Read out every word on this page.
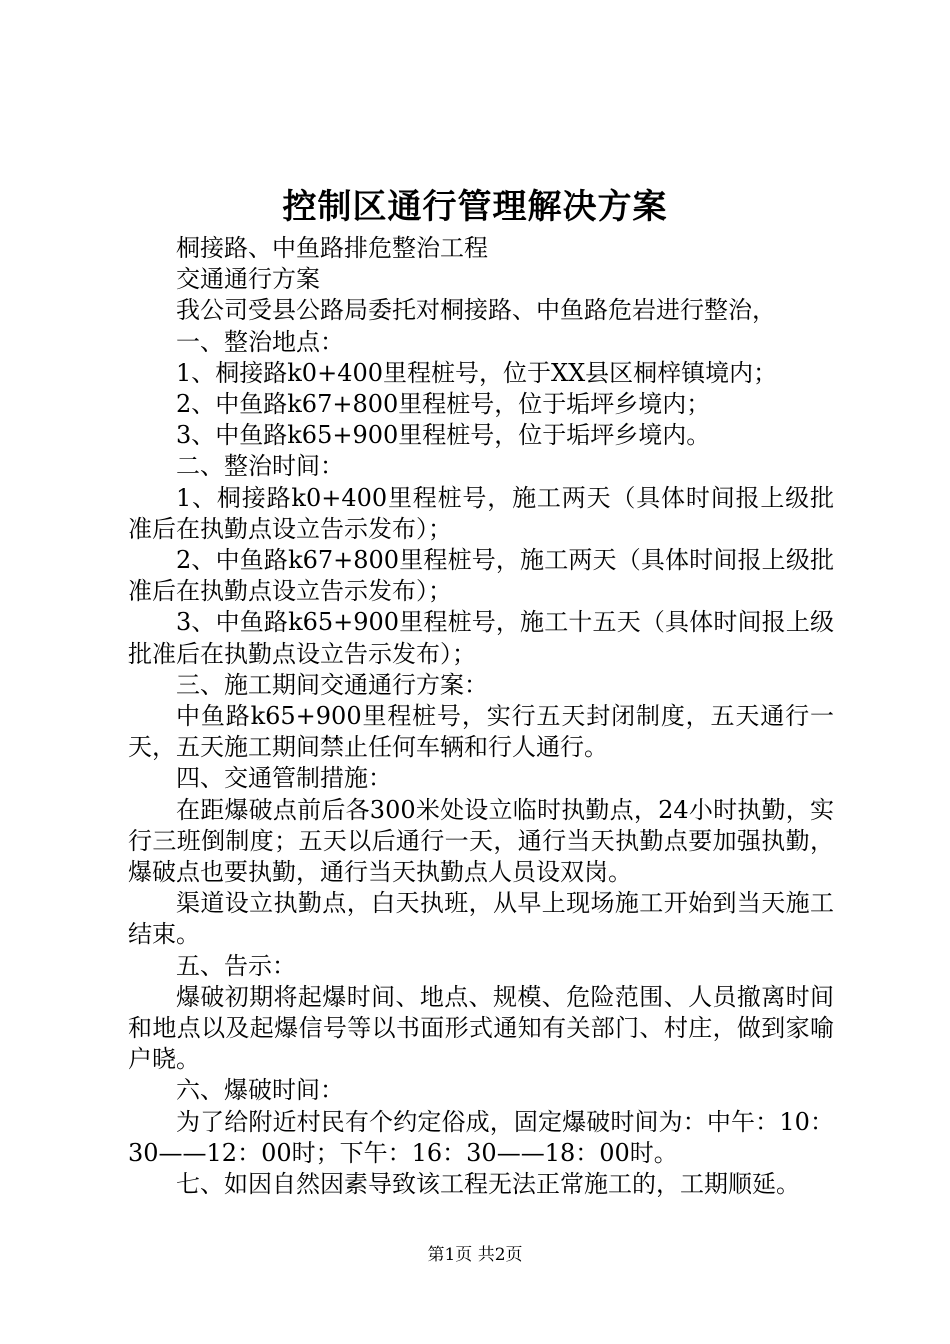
控制区通行管理解决方案

桐接路、中鱼路排危整治工程

交通通行方案

我公司受县公路局委托对桐接路、中鱼路危岩进行整治，

一、整治地点：

1、桐接路k0+400里程桩号，位于XX县区桐梓镇境内；

2、中鱼路k67+800里程桩号，位于垢坪乡境内；

3、中鱼路k65+900里程桩号，位于垢坪乡境内。

二、整治时间：

1、桐接路k0+400里程桩号，施工两天（具体时间报上级批准后在执勤点设立告示发布）；

2、中鱼路k67+800里程桩号，施工两天（具体时间报上级批准后在执勤点设立告示发布）；

3、中鱼路k65+900里程桩号，施工十五天（具体时间报上级批准后在执勤点设立告示发布）；

三、施工期间交通通行方案：

中鱼路k65+900里程桩号，实行五天封闭制度，五天通行一天，五天施工期间禁止任何车辆和行人通行。

四、交通管制措施：

在距爆破点前后各300米处设立临时执勤点，24小时执勤，实行三班倒制度；五天以后通行一天，通行当天执勤点要加强执勤，爆破点也要执勤，通行当天执勤点人员设双岗。

渠道设立执勤点，白天执班，从早上现场施工开始到当天施工结束。

五、告示：

爆破初期将起爆时间、地点、规模、危险范围、人员撤离时间和地点以及起爆信号等以书面形式通知有关部门、村庄，做到家喻户晓。

六、爆破时间：

为了给附近村民有个约定俗成，固定爆破时间为：中午：10：30——12：00时；下午：16：30——18：00时。

七、如因自然因素导致该工程无法正常施工的，工期顺延。

第1页 共2页
